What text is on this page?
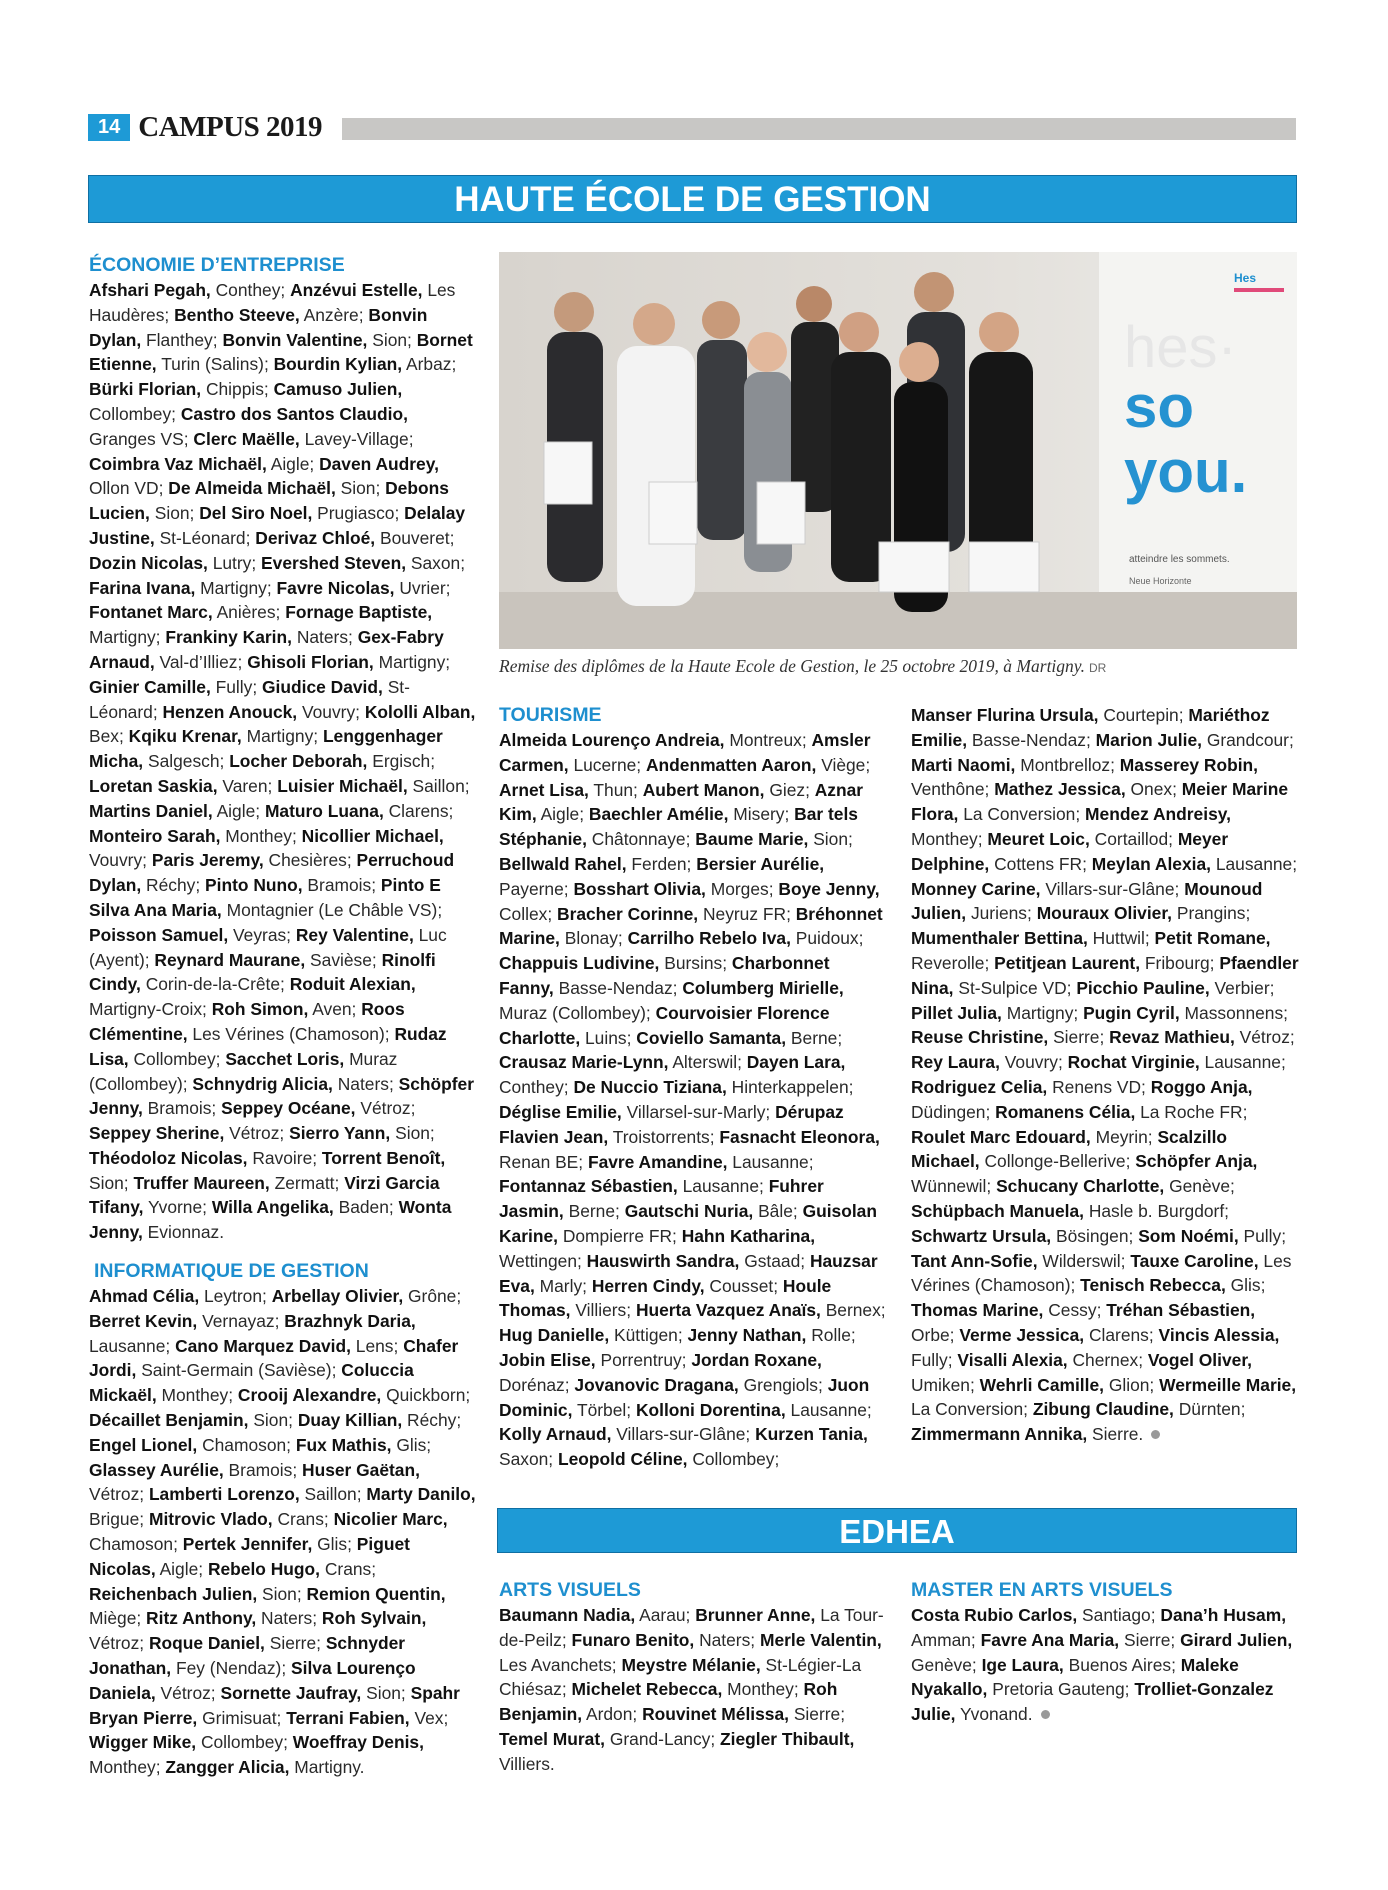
14 CAMPUS 2019
HAUTE ÉCOLE DE GESTION
ÉCONOMIE D’ENTREPRISE
Afshari Pegah, Conthey; Anzévui Estelle, Les Haudères; Bentho Steeve, Anzère; Bonvin Dylan, Flanthey; Bonvin Valentine, Sion; Bornet Etienne, Turin (Salins); Bourdin Kylian, Arbaz; Bürki Florian, Chippis; Camuso Julien, Collombey; Castro dos Santos Claudio, Granges VS; Clerc Maëlle, Lavey-Village; Coimbra Vaz Michaël, Aigle; Daven Audrey, Ollon VD; De Almeida Michaël, Sion; Debons Lucien, Sion; Del Siro Noel, Prugiasco; Delalay Justine, St-Léonard; Derivaz Chloé, Bouveret; Dozin Nicolas, Lutry; Evershed Steven, Saxon; Farina Ivana, Martigny; Favre Nicolas, Uvrier; Fontanet Marc, Anières; Fornage Baptiste, Martigny; Frankiny Karin, Naters; Gex-Fabry Arnaud, Val-d’Illiez; Ghisoli Florian, Martigny; Ginier Camille, Fully; Giudice David, St-Léonard; Henzen Anouck, Vouvry; Kololli Alban, Bex; Kqiku Krenar, Martigny; Lenggenhager Micha, Salgesch; Locher Deborah, Ergisch; Loretan Saskia, Varen; Luisier Michaël, Saillon; Martins Daniel, Aigle; Maturo Luana, Clarens; Monteiro Sarah, Monthey; Nicollier Michael, Vouvry; Paris Jeremy, Chesières; Perruchoud Dylan, Réchy; Pinto Nuno, Bramois; Pinto E Silva Ana Maria, Montagnier (Le Châble VS); Poisson Samuel, Veyras; Rey Valentine, Luc (Ayent); Reynard Maurane, Savièse; Rinolfi Cindy, Corin-de-la-Crête; Roduit Alexian, Martigny-Croix; Roh Simon, Aven; Roos Clémentine, Les Vérines (Chamoson); Rudaz Lisa, Collombey; Sacchet Loris, Muraz (Collombey); Schnydrig Alicia, Naters; Schöpfer Jenny, Bramois; Seppey Océane, Vétroz; Seppey Sherine, Vétroz; Sierro Yann, Sion; Théodoloz Nicolas, Ravoire; Torrent Benoît, Sion; Truffer Maureen, Zermatt; Virzi Garcia Tifany, Yvorne; Willa Angelika, Baden; Wonta Jenny, Evionnaz.
INFORMATIQUE DE GESTION
Ahmad Célia, Leytron; Arbellay Olivier, Grône; Berret Kevin, Vernayaz; Brazhnyk Daria, Lausanne; Cano Marquez David, Lens; Chafer Jordi, Saint-Germain (Savièse); Coluccia Mickaël, Monthey; Crooij Alexandre, Quickborn; Décaillet Benjamin, Sion; Duay Killian, Réchy; Engel Lionel, Chamoson; Fux Mathis, Glis; Glassey Aurélie, Bramois; Huser Gaëtan, Vétroz; Lamberti Lorenzo, Saillon; Marty Danilo, Brigue; Mitrovic Vlado, Crans; Nicolier Marc, Chamoson; Pertek Jennifer, Glis; Piguet Nicolas, Aigle; Rebelo Hugo, Crans; Reichenbach Julien, Sion; Remion Quentin, Miège; Ritz Anthony, Naters; Roh Sylvain, Vétroz; Roque Daniel, Sierre; Schnyder Jonathan, Fey (Nendaz); Silva Lourenço Daniela, Vétroz; Sornette Jaufray, Sion; Spahr Bryan Pierre, Grimisuat; Terrani Fabien, Vex; Wigger Mike, Collombey; Woeffray Denis, Monthey; Zangger Alicia, Martigny.
Hes
hes·
so
you.
atteindre les sommets.
Neue Horizonte
Remise des diplômes de la Haute Ecole de Gestion, le 25 octobre 2019, à Martigny. DR
TOURISME
Almeida Lourenço Andreia, Montreux; Amsler Carmen, Lucerne; Andenmatten Aaron, Viège; Arnet Lisa, Thun; Aubert Manon, Giez; Aznar Kim, Aigle; Baechler Amélie, Misery; Bar tels Stéphanie, Châtonnaye; Baume Marie, Sion; Bellwald Rahel, Ferden; Bersier Aurélie, Payerne; Bosshart Olivia, Morges; Boye Jenny, Collex; Bracher Corinne, Neyruz FR; Bréhonnet Marine, Blonay; Carrilho Rebelo Iva, Puidoux; Chappuis Ludivine, Bursins; Charbonnet Fanny, Basse-Nendaz; Columberg Mirielle, Muraz (Collombey); Courvoisier Florence Charlotte, Luins; Coviello Samanta, Berne; Crausaz Marie-Lynn, Alterswil; Dayen Lara, Conthey; De Nuccio Tiziana, Hinterkappelen; Déglise Emilie, Villarsel-sur-Marly; Dérupaz Flavien Jean, Troistorrents; Fasnacht Eleonora, Renan BE; Favre Amandine, Lausanne; Fontannaz Sébastien, Lausanne; Fuhrer Jasmin, Berne; Gautschi Nuria, Bâle; Guisolan Karine, Dompierre FR; Hahn Katharina, Wettingen; Hauswirth Sandra, Gstaad; Hauzsar Eva, Marly; Herren Cindy, Cousset; Houle Thomas, Villiers; Huerta Vazquez Anaïs, Bernex; Hug Danielle, Küttigen; Jenny Nathan, Rolle; Jobin Elise, Porrentruy; Jordan Roxane, Dorénaz; Jovanovic Dragana, Grengiols; Juon Dominic, Törbel; Kolloni Dorentina, Lausanne; Kolly Arnaud, Villars-sur-Glâne; Kurzen Tania, Saxon; Leopold Céline, Collombey;
Manser Flurina Ursula, Courtepin; Mariéthoz Emilie, Basse-Nendaz; Marion Julie, Grandcour; Marti Naomi, Montbrelloz; Masserey Robin, Venthône; Mathez Jessica, Onex; Meier Marine Flora, La Conversion; Mendez Andreisy, Monthey; Meuret Loic, Cortaillod; Meyer Delphine, Cottens FR; Meylan Alexia, Lausanne; Monney Carine, Villars-sur-Glâne; Mounoud Julien, Juriens; Mouraux Olivier, Prangins; Mumenthaler Bettina, Huttwil; Petit Romane, Reverolle; Petitjean Laurent, Fribourg; Pfaendler Nina, St-Sulpice VD; Picchio Pauline, Verbier; Pillet Julia, Martigny; Pugin Cyril, Massonnens; Reuse Christine, Sierre; Revaz Mathieu, Vétroz; Rey Laura, Vouvry; Rochat Virginie, Lausanne; Rodriguez Celia, Renens VD; Roggo Anja, Düdingen; Romanens Célia, La Roche FR; Roulet Marc Edouard, Meyrin; Scalzillo Michael, Collonge-Bellerive; Schöpfer Anja, Wünnewil; Schucany Charlotte, Genève; Schüpbach Manuela, Hasle b. Burgdorf; Schwartz Ursula, Bösingen; Som Noémi, Pully; Tant Ann-Sofie, Wilderswil; Tauxe Caroline, Les Vérines (Chamoson); Tenisch Rebecca, Glis; Thomas Marine, Cessy; Tréhan Sébastien, Orbe; Verme Jessica, Clarens; Vincis Alessia, Fully; Visalli Alexia, Chernex; Vogel Oliver, Umiken; Wehrli Camille, Glion; Wermeille Marie, La Conversion; Zibung Claudine, Dürnten; Zimmermann Annika, Sierre.
EDHEA
ARTS VISUELS
Baumann Nadia, Aarau; Brunner Anne, La Tour-de-Peilz; Funaro Benito, Naters; Merle Valentin, Les Avanchets; Meystre Mélanie, St-Légier-La Chiésaz; Michelet Rebecca, Monthey; Roh Benjamin, Ardon; Rouvinet Mélissa, Sierre; Temel Murat, Grand-Lancy; Ziegler Thibault, Villiers.
MASTER EN ARTS VISUELS
Costa Rubio Carlos, Santiago; Dana’h Husam, Amman; Favre Ana Maria, Sierre; Girard Julien, Genève; Ige Laura, Buenos Aires; Maleke Nyakallo, Pretoria Gauteng; Trolliet-Gonzalez Julie, Yvonand.
